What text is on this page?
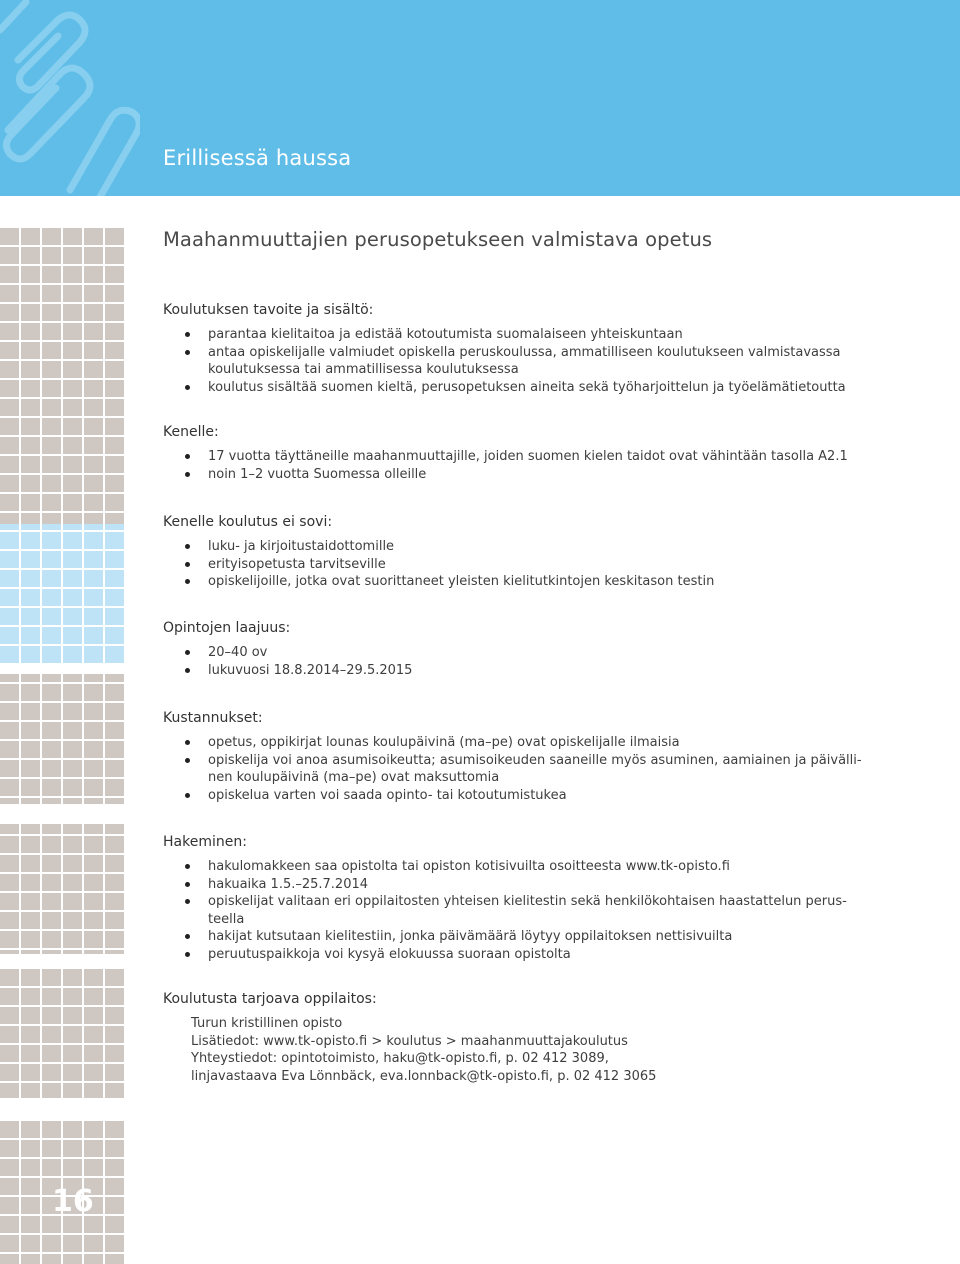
Erillisessä haussa
Maahanmuuttajien perusopetukseen valmistava opetus
Koulutuksen tavoite ja sisältö:
parantaa kielitaitoa ja edistää kotoutumista suomalaiseen yhteiskuntaan
antaa opiskelijalle valmiudet opiskella peruskoulussa, ammatilliseen koulutukseen valmistavassa koulutuksessa tai ammatillisessa koulutuksessa
koulutus sisältää suomen kieltä, perusopetuksen aineita sekä työharjoittelun ja työelämätietoutta
Kenelle:
17 vuotta täyttäneille maahanmuuttajille, joiden suomen kielen taidot ovat vähintään tasolla A2.1
noin 1–2 vuotta Suomessa olleille
Kenelle koulutus ei sovi:
luku- ja kirjoitustaidottomille
erityisopetusta tarvitseville
opiskelijoille, jotka ovat suorittaneet yleisten kielitutkintojen keskitason testin
Opintojen laajuus:
20–40 ov
lukuvuosi 18.8.2014–29.5.2015
Kustannukset:
opetus, oppikirjat lounas koulupäivinä (ma–pe) ovat opiskelijalle ilmaisia
opiskelija voi anoa asumisoikeutta; asumisoikeuden saaneille myös asuminen, aamiainen ja päivälli-nen koulupäivinä (ma–pe) ovat maksuttomia
opiskelua varten voi saada opinto- tai kotoutumistukea
Hakeminen:
hakulomakkeen saa opistolta tai opiston kotisivuilta osoitteesta www.tk-opisto.fi
hakuaika 1.5.–25.7.2014
opiskelijat valitaan eri oppilaitosten yhteisen kielitestin sekä henkilökohtaisen haastattelun perus-teella
hakijat kutsutaan kielitestiin, jonka päivämäärä löytyy oppilaitoksen nettisivuilta
peruutuspaikkoja voi kysyä elokuussa suoraan opistolta
Koulutusta tarjoava oppilaitos:
Turun kristillinen opisto
Lisätiedot: www.tk-opisto.fi > koulutus > maahanmuuttajakoulutus
Yhteystiedot: opintotoimisto, haku@tk-opisto.fi, p. 02 412 3089,
linjavastaava Eva Lönnbäck, eva.lonnback@tk-opisto.fi, p. 02 412 3065
16
